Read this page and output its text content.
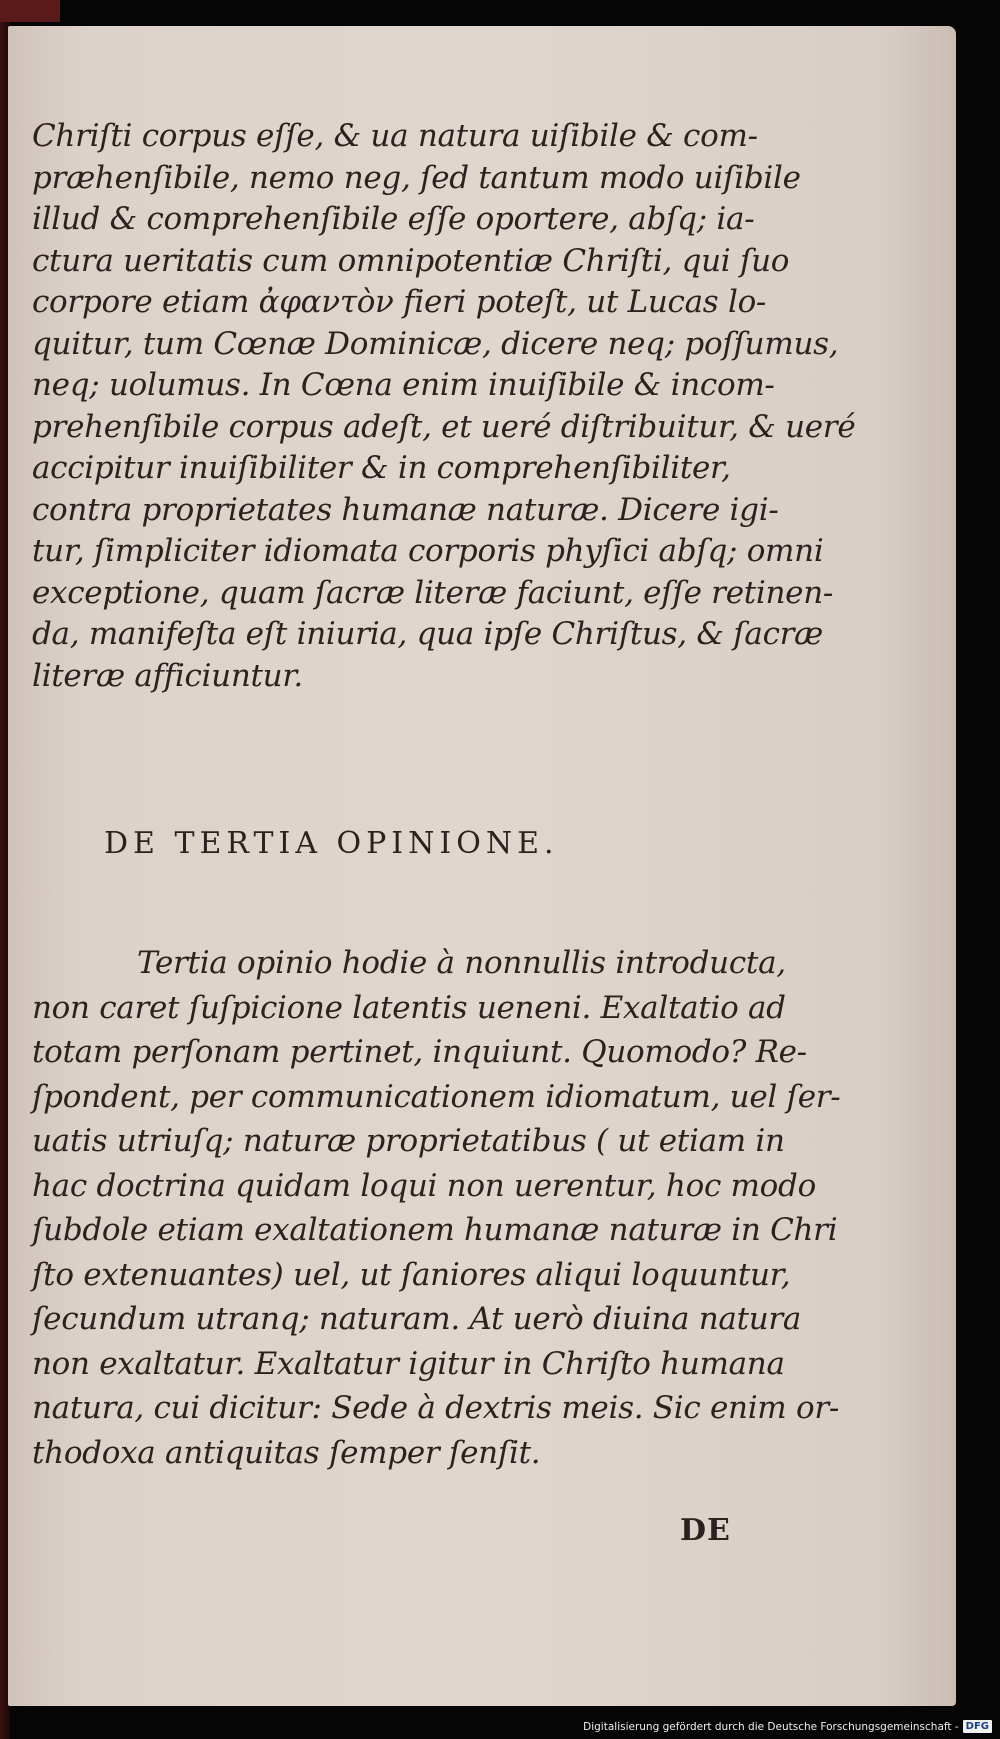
Chriſti corpus eſſe, & ua natura uiſibile & com-
præhenſibile, nemo neg, ſed tantum modo uiſibile
illud & comprehenſibile eſſe oportere, abſq; ia-
ctura ueritatis cum omnipotentiæ Chriſti, qui ſuo
corpore etiam ἀφαντὸν fieri poteſt, ut Lucas lo-
quitur, tum Cœnæ Dominicæ, dicere neq; poſſumus,
neq; uolumus. In Cœna enim inuiſibile & incom-
prehenſibile corpus adeſt, et ueré diſtribuitur, & ueré
accipitur inuiſibiliter & in comprehenſibiliter,
contra proprietates humanæ naturæ. Dicere igi-
tur, ſimpliciter idiomata corporis phyſici abſq; omni
exceptione, quam ſacræ literæ faciunt, eſſe retinen-
da, manifeſta eſt iniuria, qua ipſe Chriſtus, & ſacræ
literæ afficiuntur.
DE TERTIA OPINIONE.
Tertia opinio hodie à nonnullis introducta,
non caret ſuſpicione latentis ueneni. Exaltatio ad
totam perſonam pertinet, inquiunt. Quomodo? Re-
ſpondent, per communicationem idiomatum, uel ſer-
uatis utriuſq; naturæ proprietatibus ( ut etiam in
hac doctrina quidam loqui non uerentur, hoc modo
ſubdole etiam exaltationem humanæ naturæ in Chri
ſto extenuantes) uel, ut ſaniores aliqui loquuntur,
ſecundum utranq; naturam. At uerò diuina natura
non exaltatur. Exaltatur igitur in Chriſto humana
natura, cui dicitur: Sede à dextris meis. Sic enim or-
thodoxa antiquitas ſemper ſenſit.
DE
Digitalisierung gefördert durch die Deutsche Forschungsgemeinschaft - DFG
